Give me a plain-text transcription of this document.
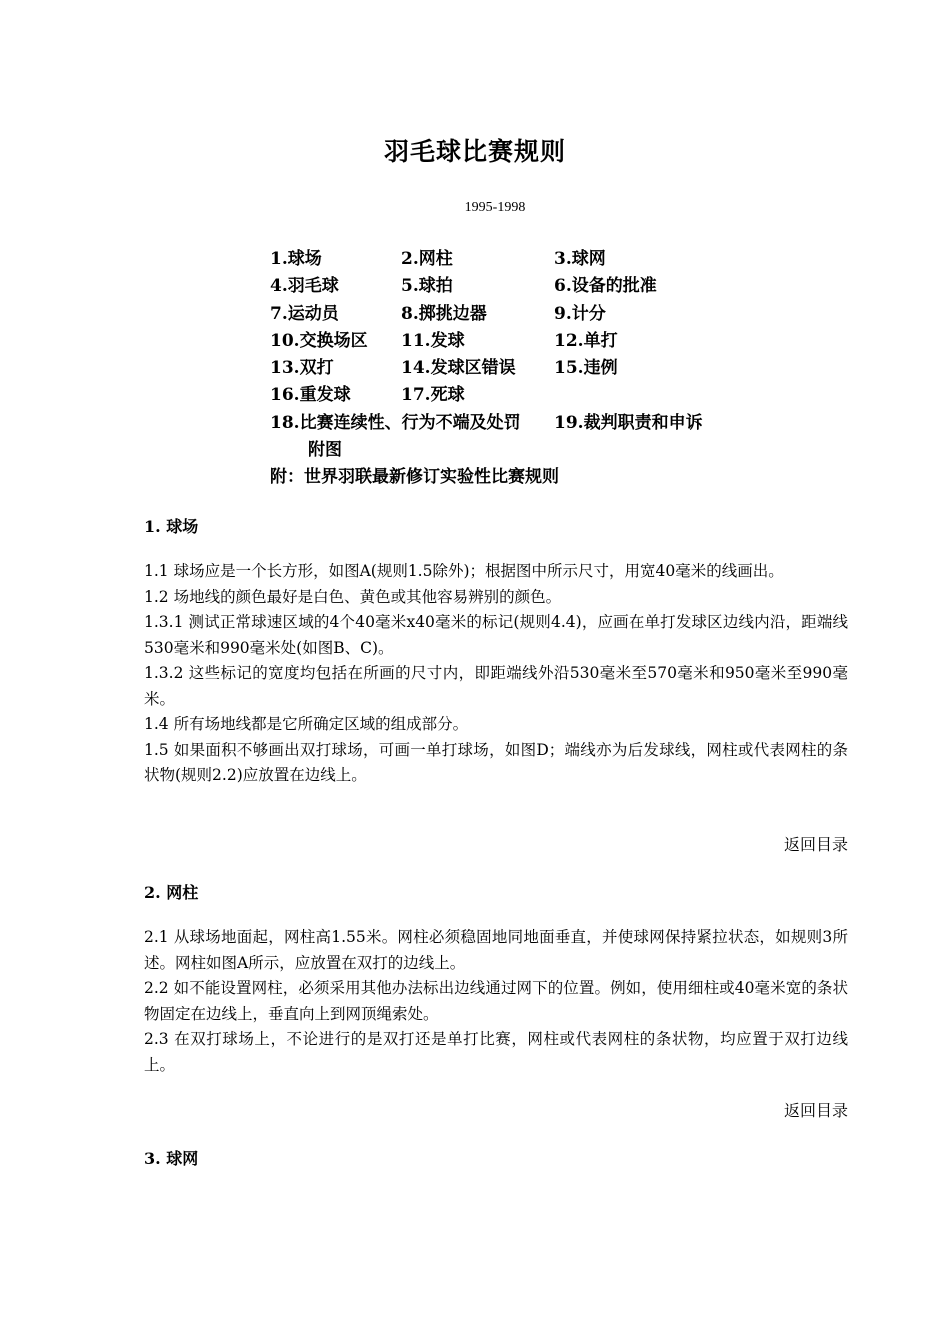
羽毛球比赛规则
1995-1998
1.球场	2.网柱	3.球网
4.羽毛球	5.球拍	6.设备的批准
7.运动员	8.掷挑边器	9.计分
10.交换场区 11.发球	12.单打
13.双打	14.发球区错误 15.违例
16.重发球	17.死球
18.比赛连续性、行为不端及处罚 19.裁判职责和申诉
附图
附：世界羽联最新修订实验性比赛规则
1. 球场

1.1 球场应是一个长方形，如图A(规则1.5除外)；根据图中所示尺寸，用宽40毫米的线画出。

1.2 场地线的颜色最好是白色、黄色或其他容易辨别的颜色。

1.3.1 测试正常球速区域的4个40毫米x40毫米的标记(规则4.4)，应画在单打发球区边线内沿，距端线530毫米和990毫米处(如图B、C)。

1.3.2 这些标记的宽度均包括在所画的尺寸内，即距端线外沿530毫米至570毫米和950毫米至990毫米。

1.4 所有场地线都是它所确定区域的组成部分。

1.5 如果面积不够画出双打球场，可画一单打球场，如图D；端线亦为后发球线，网柱或代表网柱的条状物(规则2.2)应放置在边线上。

返回目录
2. 网柱

2.1 从球场地面起，网柱高1.55米。网柱必须稳固地同地面垂直，并使球网保持紧拉状态，如规则3所述。网柱如图A所示，应放置在双打的边线上。

2.2 如不能设置网柱，必须采用其他办法标出边线通过网下的位置。例如，使用细柱或40毫米宽的条状物固定在边线上，垂直向上到网顶绳索处。

2.3 在双打球场上，不论进行的是双打还是单打比赛，网柱或代表网柱的条状物，均应置于双打边线上。

返回目录
3. 球网
